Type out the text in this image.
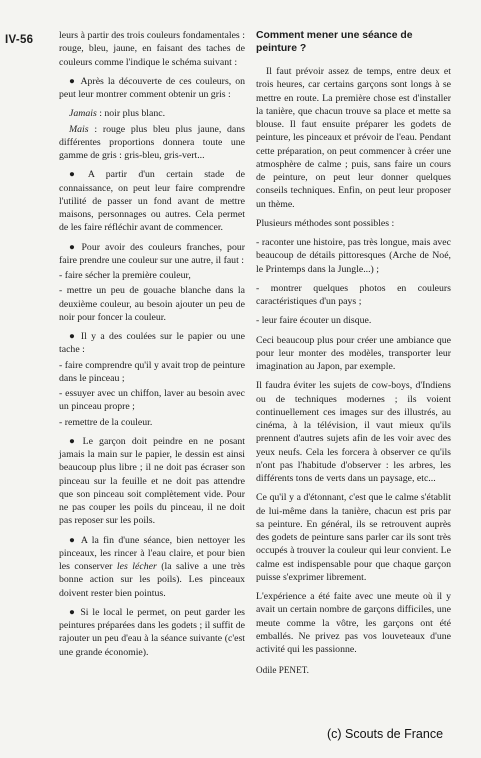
IV-56	leurs à partir des trois couleurs fondamentales : rouge, bleu, jaune, en faisant des taches de couleurs comme l'indique le schéma suivant :

● Après la découverte de ces couleurs, on peut leur montrer comment obtenir un gris :

Jamais : noir plus blanc.

Mais : rouge plus bleu plus jaune, dans différentes proportions donnera toute une gamme de gris : gris-bleu, gris-vert...

● A partir d'un certain stade de connaissance, on peut leur faire comprendre l'utilité de passer un fond avant de mettre maisons, personnages ou autres. Cela permet de les faire réfléchir avant de commencer.

● Pour avoir des couleurs franches, pour faire prendre une couleur sur une autre, il faut :

- faire sécher la première couleur,

- mettre un peu de gouache blanche dans la deuxième couleur, au besoin ajouter un peu de noir pour foncer la couleur.

● Il y a des coulées sur le papier ou une tache :

- faire comprendre qu'il y avait trop de peinture dans le pinceau ;

- essuyer avec un chiffon, laver au besoin avec un pinceau propre ;

- remettre de la couleur.

● Le garçon doit peindre en ne posant jamais la main sur le papier, le dessin est ainsi beaucoup plus libre ; il ne doit pas écraser son pinceau sur la feuille et ne doit pas attendre que son pinceau soit complètement vide. Pour ne pas couper les poils du pinceau, il ne doit pas reposer sur les poils.

● A la fin d'une séance, bien nettoyer les pinceaux, les rincer à l'eau claire, et pour bien les conserver les lécher (la salive a une très bonne action sur les poils). Les pinceaux doivent rester bien pointus.

● Si le local le permet, on peut garder les peintures préparées dans les godets ; il suffit de rajouter un peu d'eau à la séance suivante (c'est une grande économie).

Comment mener une séance de peinture ?

Il faut prévoir assez de temps, entre deux et trois heures, car certains garçons sont longs à se mettre en route. La première chose est d'installer la tanière, que chacun trouve sa place et mette sa blouse. Il faut ensuite préparer les godets de peinture, les pinceaux et prévoir de l'eau. Pendant cette préparation, on peut commencer à créer une atmosphère de calme ; puis, sans faire un cours de peinture, on peut leur donner quelques conseils techniques. Enfin, on peut leur proposer un thème.

Plusieurs méthodes sont possibles :

- raconter une histoire, pas très longue, mais avec beaucoup de détails pittoresques (Arche de Noé, le Printemps dans la Jungle...) ;

- montrer quelques photos en couleurs caractéristiques d'un pays ;

- leur faire écouter un disque.

Ceci beaucoup plus pour créer une ambiance que pour leur monter des modèles, transporter leur imagination au Japon, par exemple.

Il faudra éviter les sujets de cow-boys, d'Indiens ou de techniques modernes ; ils voient continuellement ces images sur des illustrés, au cinéma, à la télévision, il vaut mieux qu'ils prennent d'autres sujets afin de les voir avec des yeux neufs. Cela les forcera à observer ce qu'ils n'ont pas l'habitude d'observer : les arbres, les différents tons de verts dans un paysage, etc...

Ce qu'il y a d'étonnant, c'est que le calme s'établit de lui-même dans la tanière, chacun est pris par sa peinture. En général, ils se retrouvent auprès des godets de peinture sans parler car ils sont très occupés à trouver la couleur qui leur convient. Le calme est indispensable pour que chaque garçon puisse s'exprimer librement.

L'expérience a été faite avec une meute où il y avait un certain nombre de garçons difficiles, une meute comme la vôtre, les garçons ont été emballés. Ne privez pas vos louveteaux d'une activité qui les passionne.

Odile PENET.

(c) Scouts de France
